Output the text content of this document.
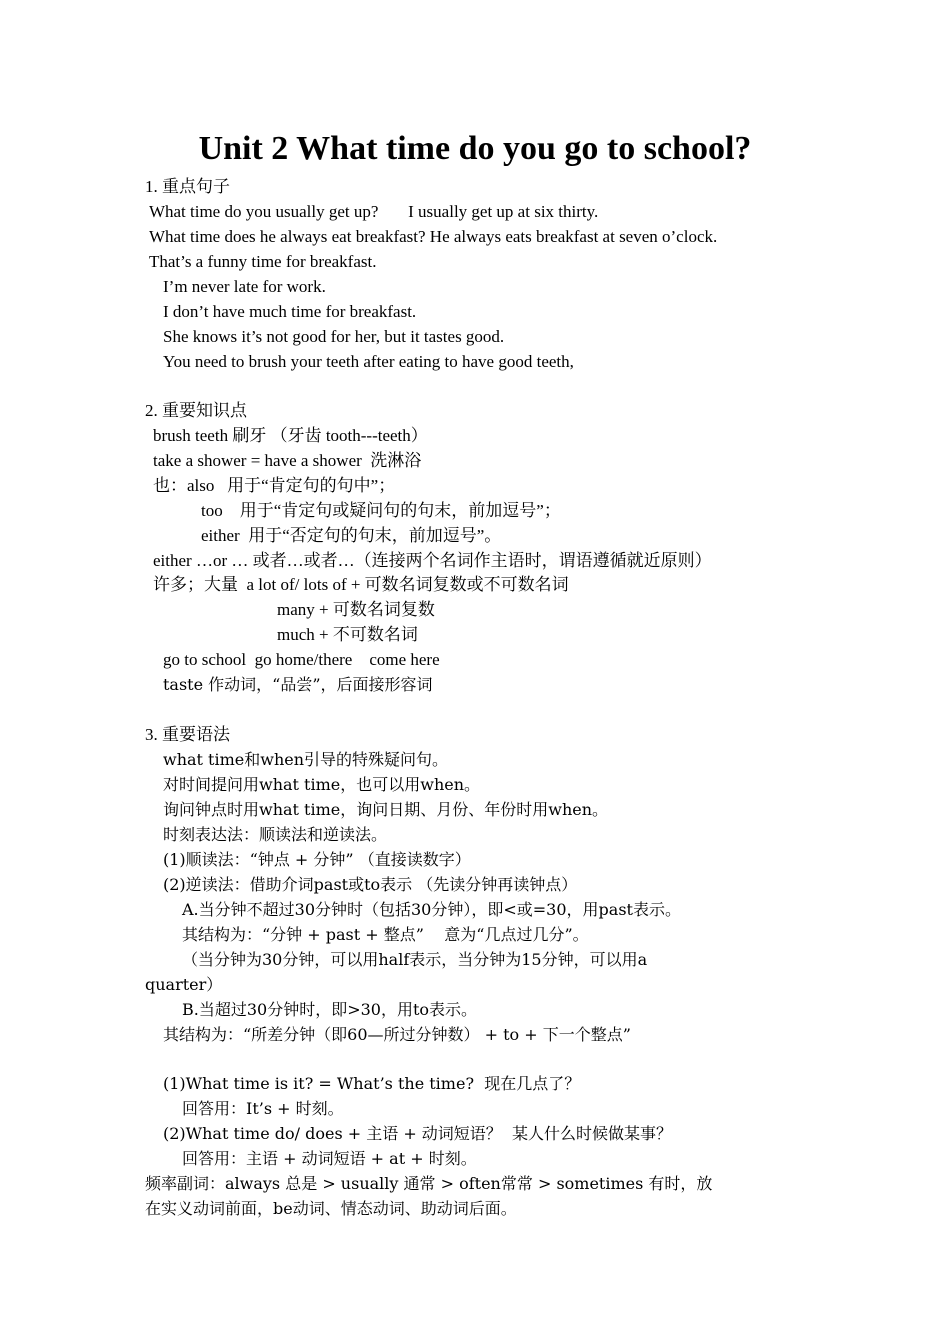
Unit 2 What time do you go to school?
1. 重点句子
What time do you usually get up?       I usually get up at six thirty.
What time does he always eat breakfast? He always eats breakfast at seven o’clock.
That’s a funny time for breakfast.
I’m never late for work.
I don’t have much time for breakfast.
She knows it’s not good for her, but it tastes good.
You need to brush your teeth after eating to have good teeth,
2. 重要知识点
brush teeth 刷牙 （牙齿 tooth---teeth）
take a shower = have a shower  洗淋浴
也：also   用于“肯定句的句中”；
too    用于“肯定句或疑问句的句末，前加逗号”；
either  用于“否定句的句末，前加逗号”。
either …or … 或者…或者…（连接两个名词作主语时，谓语遵循就近原则）
许多；大量  a lot of/ lots of + 可数名词复数或不可数名词
many + 可数名词复数
much + 不可数名词
go to school  go home/there    come here
taste 作动词，“品尝”，后面接形容词
3. 重要语法
what time和when引导的特殊疑问句。
对时间提问用what time，也可以用when。
询问钟点时用what time，询问日期、月份、年份时用when。
时刻表达法：顺读法和逆读法。
(1)顺读法：“钟点 + 分钟” （直接读数字）
(2)逆读法：借助介词past或to表示 （先读分钟再读钟点）
A.当分钟不超过30分钟时（包括30分钟），即<或=30，用past表示。
其结构为：“分钟 + past + 整点”    意为“几点过几分”。
（当分钟为30分钟，可以用half表示，当分钟为15分钟，可以用a
quarter）
B.当超过30分钟时，即>30，用to表示。
其结构为：“所差分钟（即60—所过分钟数） + to + 下一个整点”
(1)What time is it? = What’s the time?  现在几点了？
回答用：It’s + 时刻。
(2)What time do/ does + 主语 + 动词短语？  某人什么时候做某事？
回答用：主语 + 动词短语 + at + 时刻。
频率副词：always 总是 > usually 通常 > often常常 > sometimes 有时，放
在实义动词前面，be动词、情态动词、助动词后面。
